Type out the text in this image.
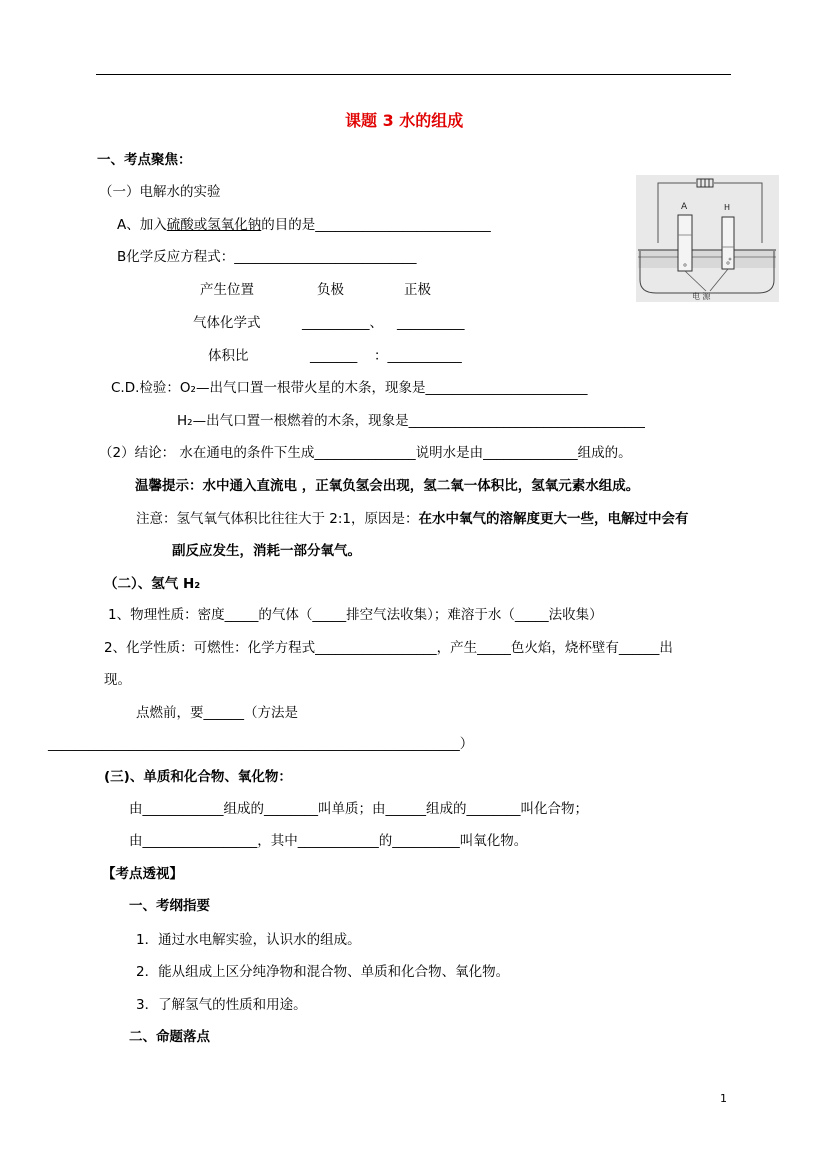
课题 3 水的组成
一、考点聚焦：
（一）电解水的实验
A、加入硫酸或氢氧化钠的目的是__________________________
B化学反应方程式：___________________________
产生位置	负极	正极
气体化学式	__________、 __________
体积比	_______ ：___________
C.D.检验：O₂—出气口置一根带火星的木条，现象是________________________
H₂—出气口置一根燃着的木条，现象是___________________________________
（2）结论： 水在通电的条件下生成_______________说明水是由______________组成的。
温馨提示：水中通入直流电 ，正氧负氢会出现，氢二氧一体积比，氢氧元素水组成。
注意：氢气氧气体积比往往大于 2:1，原因是：在水中氧气的溶解度更大一些，电解过中会有
副反应发生，消耗一部分氧气。
（二）、氢气 H₂
1、物理性质：密度_____的气体（_____排空气法收集）；难溶于水（_____法收集）
2、化学性质：可燃性：化学方程式__________________，产生_____色火焰，烧杯壁有______出
现。
点燃前，要______（方法是
_____________________________________________________________）
(三)、单质和化合物、氧化物：
由____________组成的________叫单质；由______组成的________叫化合物；
由_________________，其中____________的__________叫氧化物。
【考点透视】
一、考纲指要
1．通过水电解实验，认识水的组成。
2．能从组成上区分纯净物和混合物、单质和化合物、氧化物。
3．了解氢气的性质和用途。
二、命题落点
1
A	H
电 源
